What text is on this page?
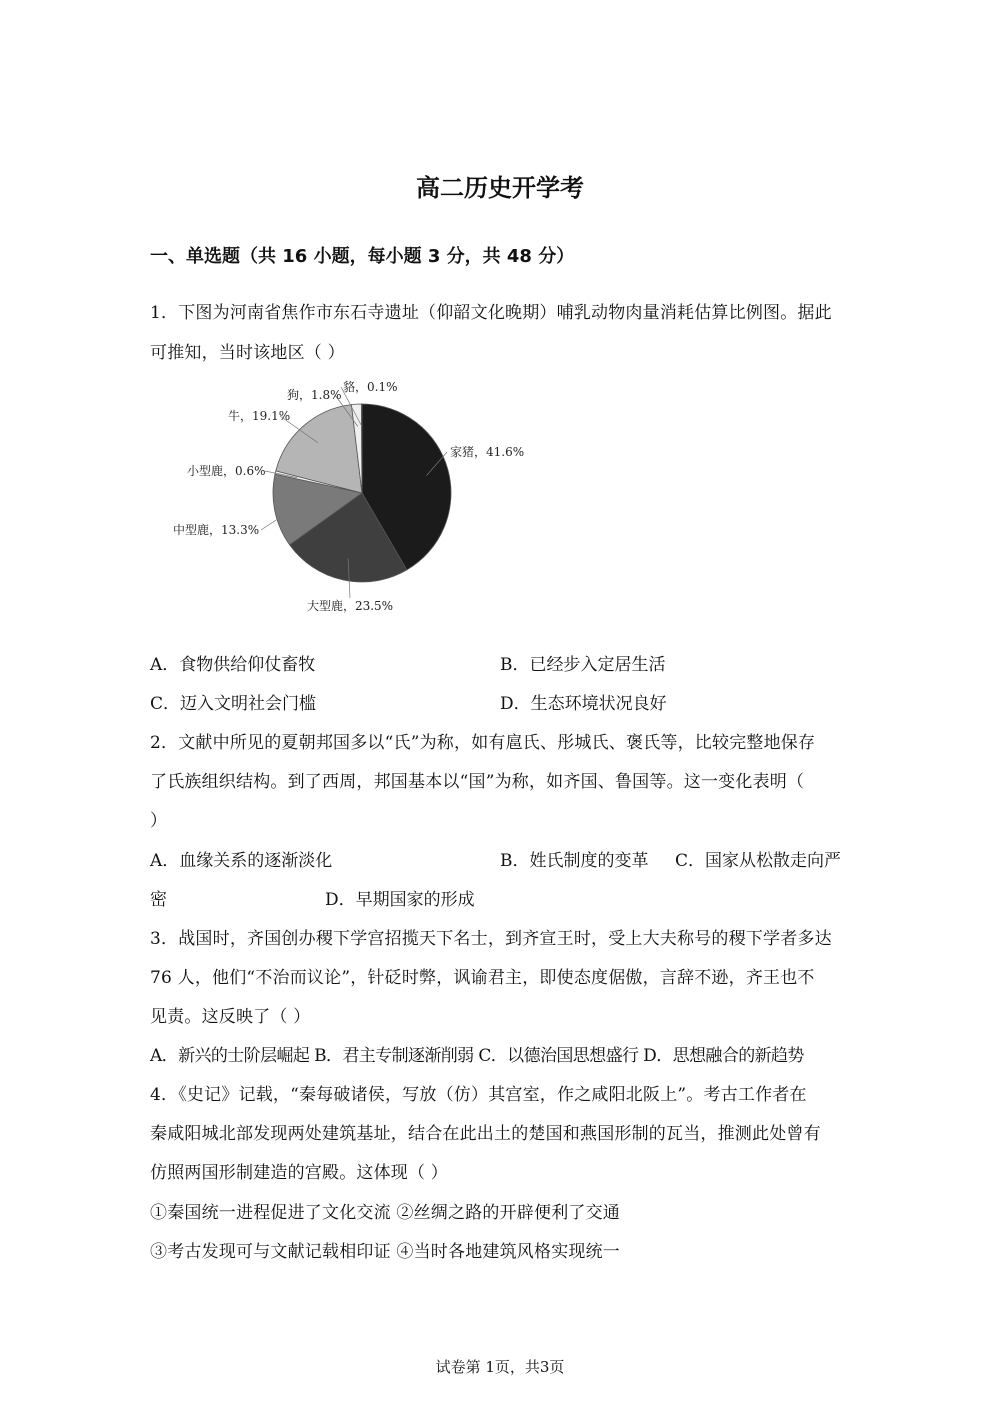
高二历史开学考
一、单选题（共 16 小题，每小题 3 分，共 48 分）
1．下图为河南省焦作市东石寺遗址（仰韶文化晚期）哺乳动物肉量消耗估算比例图。据此
可推知，当时该地区（ ）
家猪，41.6%
大型鹿，23.5%
中型鹿，13.3%
小型鹿，0.6%
牛，19.1%
狗，1.8%
貉，0.1%
A．食物供给仰仗畜牧	B．已经步入定居生活
C．迈入文明社会门槛	D．生态环境状况良好
2．文献中所见的夏朝邦国多以“氏”为称，如有扈氏、彤城氏、褒氏等，比较完整地保存
了氏族组织结构。到了西周，邦国基本以“国”为称，如齐国、鲁国等。这一变化表明（
）
A．血缘关系的逐渐淡化	B．姓氏制度的变革 C．国家从松散走向严
密	D．早期国家的形成
3．战国时，齐国创办稷下学宫招揽天下名士，到齐宣王时，受上大夫称号的稷下学者多达
76 人，他们“不治而议论”，针砭时弊，讽谕君主，即使态度倨傲，言辞不逊，齐王也不
见责。这反映了（ ）
A．新兴的士阶层崛起 B．君主专制逐渐削弱 C．以德治国思想盛行 D．思想融合的新趋势
4．《史记》记载，“秦每破诸侯，写放（仿）其宫室，作之咸阳北阪上”。考古工作者在
秦咸阳城北部发现两处建筑基址，结合在此出土的楚国和燕国形制的瓦当，推测此处曾有
仿照两国形制建造的宫殿。这体现（ ）
①秦国统一进程促进了文化交流 ②丝绸之路的开辟便利了交通
③考古发现可与文献记载相印证 ④当时各地建筑风格实现统一
试卷第 1页，共3页
